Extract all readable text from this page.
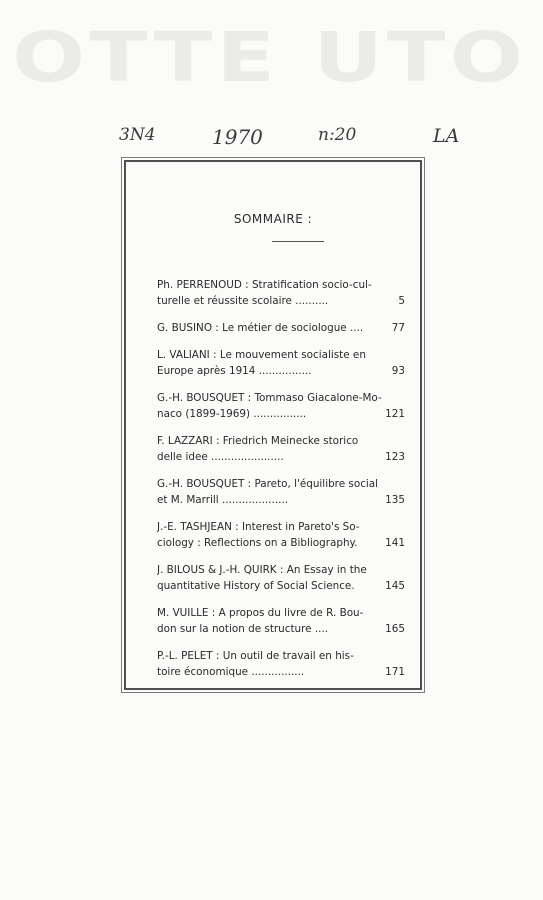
OTTE UTO
3N4	1970	n:20	LA
SOMMAIRE :
Ph. PERRENOUD : Stratification socio-cul-
turelle et réussite scolaire ..........	5
G. BUSINO : Le métier de sociologue ....	77
L. VALIANI : Le mouvement socialiste en
Europe après 1914 ................	93
G.-H. BOUSQUET : Tommaso Giacalone-Mo-
naco (1899-1969) ................	121
F. LAZZARI : Friedrich Meinecke storico
delle idee ......................	123
G.-H. BOUSQUET : Pareto, l'équilibre social
et M. Marrill ....................	135
J.-E. TASHJEAN : Interest in Pareto's So-
ciology : Reflections on a Bibliography.	141
J. BILOUS & J.-H. QUIRK : An Essay in the
quantitative History of Social Science.	145
M. VUILLE : A propos du livre de R. Bou-
don sur la notion de structure ....	165
P.-L. PELET : Un outil de travail en his-
toire économique ................	171
